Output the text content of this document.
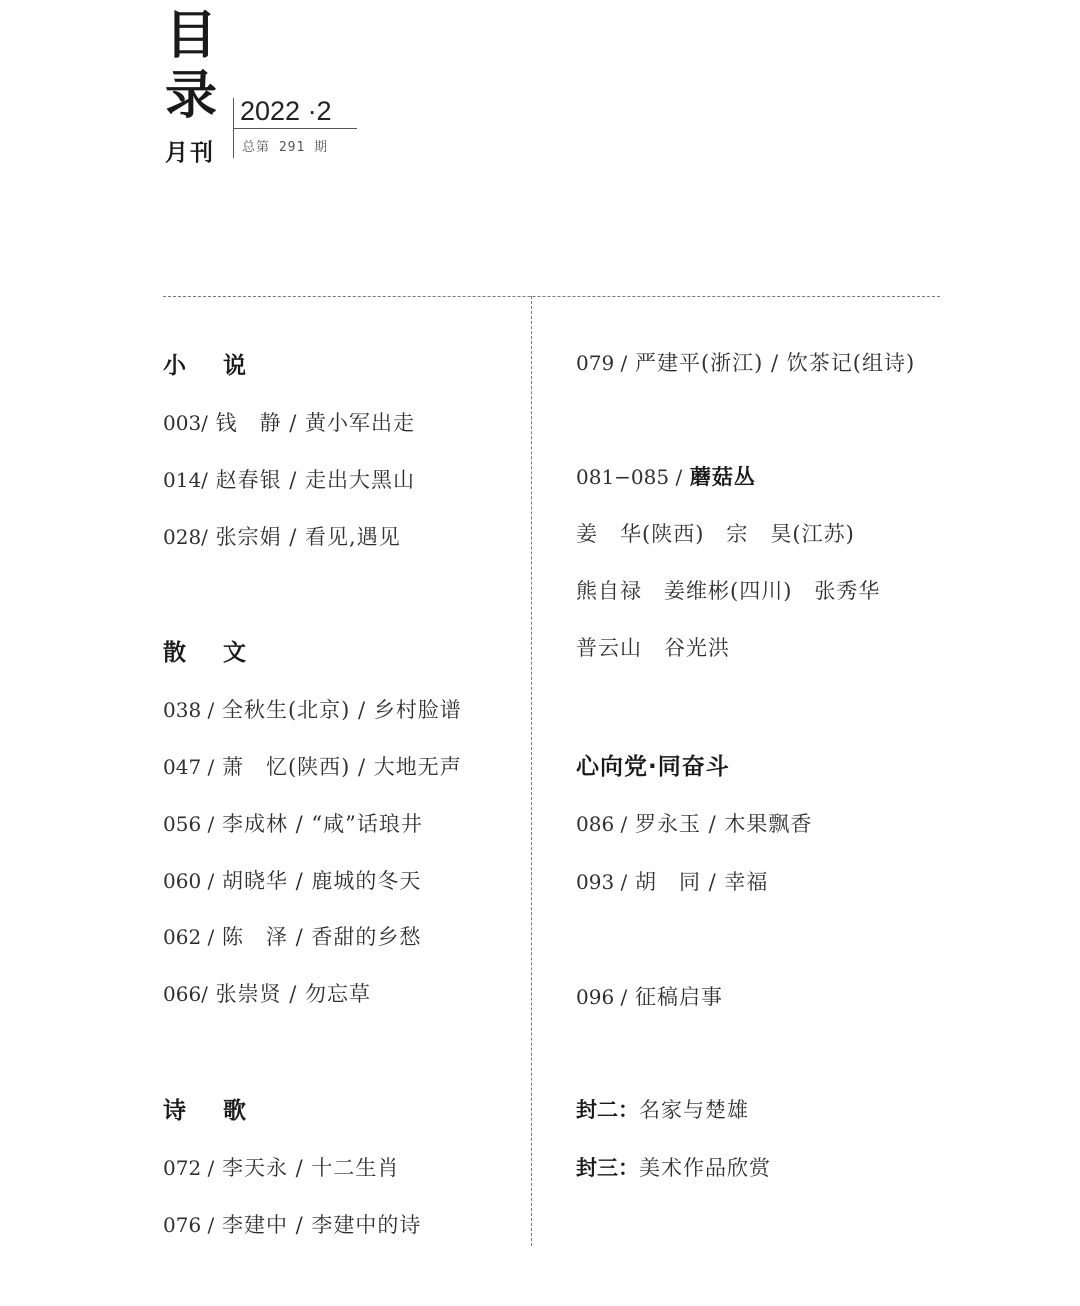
目
录
月刊
2022 ·2
总第 291 期
小 说
003/ 钱　静 / 黄小军出走
014/ 赵春银 / 走出大黑山
028/ 张宗娟 / 看见,遇见
散 文
038 / 全秋生(北京) / 乡村脸谱
047 / 萧　忆(陕西) / 大地无声
056 / 李成林 / “咸”话琅井
060 / 胡晓华 / 鹿城的冬天
062 / 陈　泽 / 香甜的乡愁
066/ 张崇贤 / 勿忘草
诗 歌
072 / 李天永 / 十二生肖
076 / 李建中 / 李建中的诗
079 / 严建平(浙江) / 饮茶记(组诗)
081−085 / 蘑菇丛
姜　华(陕西)　宗　昊(江苏)
熊自禄　姜维彬(四川)　张秀华
普云山　谷光洪
心向党·同奋斗
086 / 罗永玉 / 木果飘香
093 / 胡　同 / 幸福
096 / 征稿启事
封二：名家与楚雄
封三：美术作品欣赏
